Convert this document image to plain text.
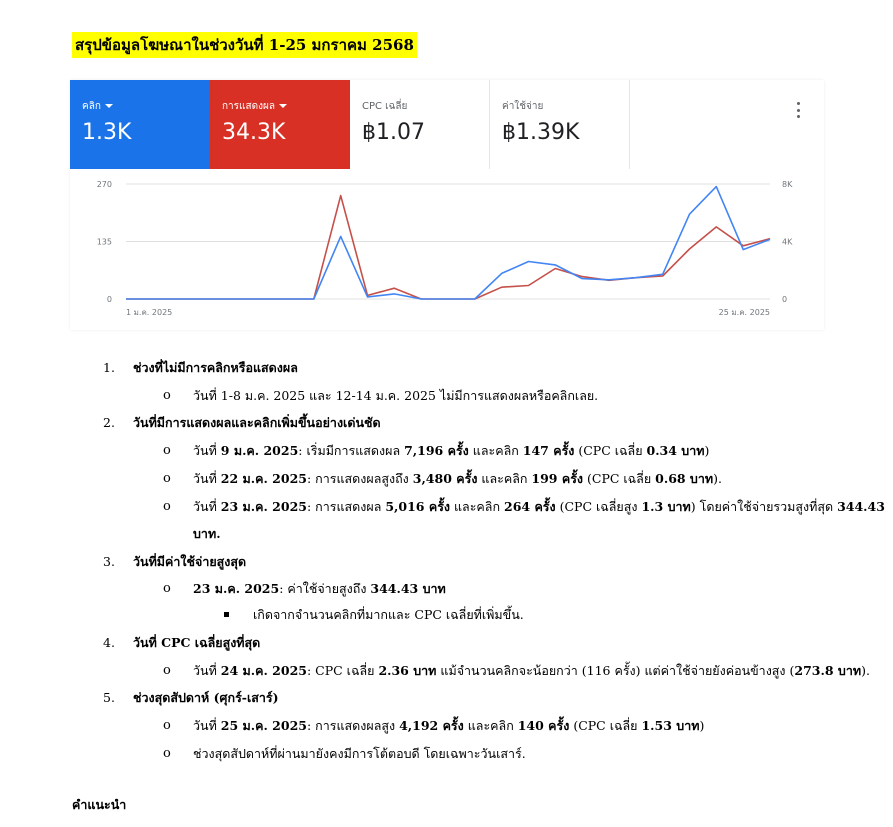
สรุปข้อมูลโฆษณาในช่วงวันที่ 1-25 มกราคม 2568
คลิก
1.3K
การแสดงผล
34.3K
CPC เฉลี่ย
฿1.07
ค่าใช้จ่าย
฿1.39K
0
135
270
0
4K
8K
1 ม.ค. 2025	25 ม.ค. 2025
1. ช่วงที่ไม่มีการคลิกหรือแสดงผล
o วันที่ 1-8 ม.ค. 2025 และ 12-14 ม.ค. 2025 ไม่มีการแสดงผลหรือคลิกเลย.
2. วันที่มีการแสดงผลและคลิกเพิ่มขึ้นอย่างเด่นชัด
o วันที่ 9 ม.ค. 2025: เริ่มมีการแสดงผล 7,196 ครั้ง และคลิก 147 ครั้ง (CPC เฉลี่ย 0.34 บาท)
o วันที่ 22 ม.ค. 2025: การแสดงผลสูงถึง 3,480 ครั้ง และคลิก 199 ครั้ง (CPC เฉลี่ย 0.68 บาท).
o วันที่ 23 ม.ค. 2025: การแสดงผล 5,016 ครั้ง และคลิก 264 ครั้ง (CPC เฉลี่ยสูง 1.3 บาท) โดยค่าใช้จ่ายรวมสูงที่สุด 344.43
บาท.
3. วันที่มีค่าใช้จ่ายสูงสุด
o 23 ม.ค. 2025: ค่าใช้จ่ายสูงถึง 344.43 บาท
เกิดจากจำนวนคลิกที่มากและ CPC เฉลี่ยที่เพิ่มขึ้น.
4. วันที่ CPC เฉลี่ยสูงที่สุด
o วันที่ 24 ม.ค. 2025: CPC เฉลี่ย 2.36 บาท แม้จำนวนคลิกจะน้อยกว่า (116 ครั้ง) แต่ค่าใช้จ่ายยังค่อนข้างสูง (273.8 บาท).
5. ช่วงสุดสัปดาห์ (ศุกร์-เสาร์)
o วันที่ 25 ม.ค. 2025: การแสดงผลสูง 4,192 ครั้ง และคลิก 140 ครั้ง (CPC เฉลี่ย 1.53 บาท)
o ช่วงสุดสัปดาห์ที่ผ่านมายังคงมีการโต้ตอบดี โดยเฉพาะวันเสาร์.
คำแนะนำ
